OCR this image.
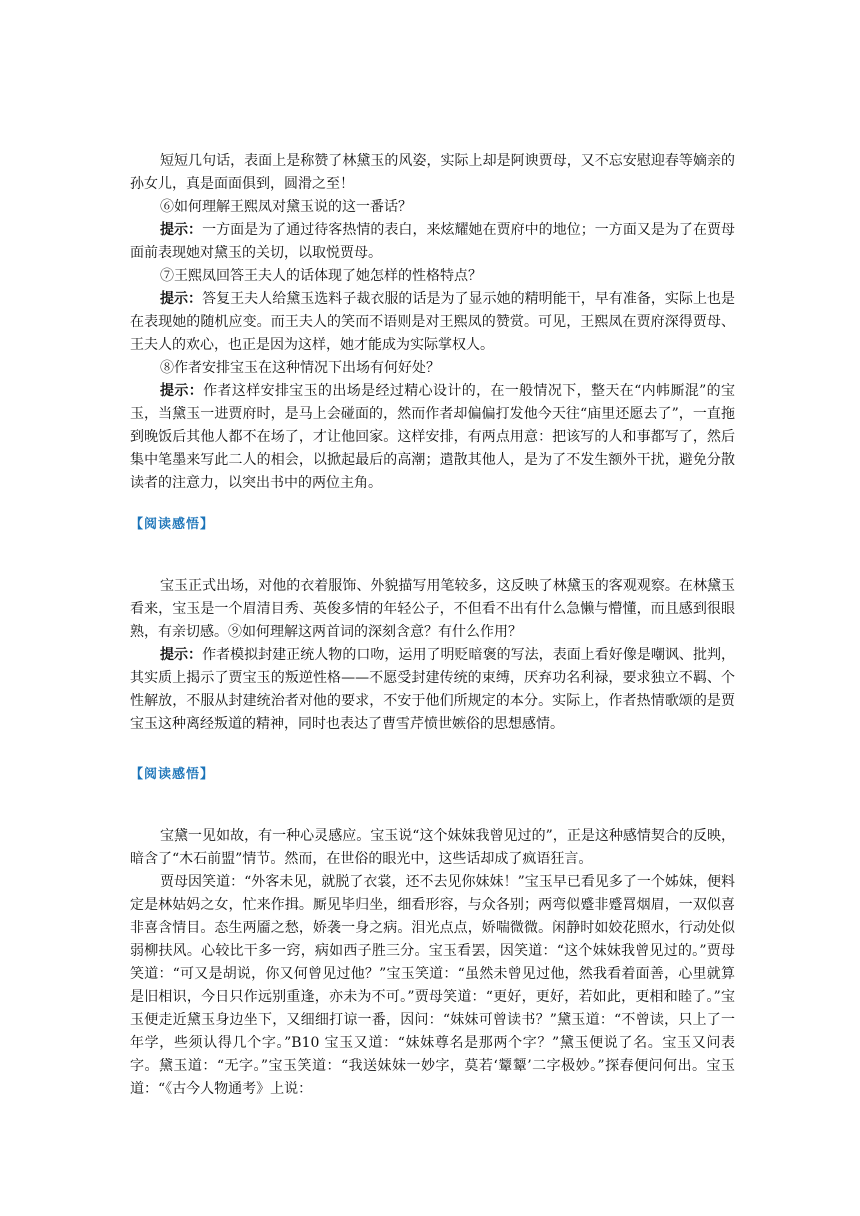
短短几句话，表面上是称赞了林黛玉的风姿，实际上却是阿谀贾母，又不忘安慰迎春等嫡亲的孙女儿，真是面面俱到，圆滑之至！

⑥如何理解王熙凤对黛玉说的这一番话？

提示：一方面是为了通过待客热情的表白，来炫耀她在贾府中的地位；一方面又是为了在贾母面前表现她对黛玉的关切，以取悦贾母。

⑦王熙凤回答王夫人的话体现了她怎样的性格特点？

提示：答复王夫人给黛玉选料子裁衣服的话是为了显示她的精明能干，早有准备，实际上也是在表现她的随机应变。而王夫人的笑而不语则是对王熙凤的赞赏。可见，王熙凤在贾府深得贾母、王夫人的欢心，也正是因为这样，她才能成为实际掌权人。

⑧作者安排宝玉在这种情况下出场有何好处？

提示：作者这样安排宝玉的出场是经过精心设计的，在一般情况下，整天在“内帏厮混”的宝玉，当黛玉一进贾府时，是马上会碰面的，然而作者却偏偏打发他今天往“庙里还愿去了”，一直拖到晚饭后其他人都不在场了，才让他回家。这样安排，有两点用意：把该写的人和事都写了，然后集中笔墨来写此二人的相会，以掀起最后的高潮；遣散其他人，是为了不发生额外干扰，避免分散读者的注意力，以突出书中的两位主角。

【阅读感悟】

宝玉正式出场，对他的衣着服饰、外貌描写用笔较多，这反映了林黛玉的客观观察。在林黛玉看来，宝玉是一个眉清目秀、英俊多情的年轻公子，不但看不出有什么急懒与懵懂，而且感到很眼熟，有亲切感。⑨如何理解这两首词的深刻含意？有什么作用？

提示：作者模拟封建正统人物的口吻，运用了明贬暗褒的写法，表面上看好像是嘲讽、批判，其实质上揭示了贾宝玉的叛逆性格——不愿受封建传统的束缚，厌弃功名利禄，要求独立不羁、个性解放，不服从封建统治者对他的要求，不安于他们所规定的本分。实际上，作者热情歌颂的是贾宝玉这种离经叛道的精神，同时也表达了曹雪芹愤世嫉俗的思想感情。

【阅读感悟】

宝黛一见如故，有一种心灵感应。宝玉说“这个妹妹我曾见过的”，正是这种感情契合的反映，暗含了“木石前盟”情节。然而，在世俗的眼光中，这些话却成了疯语狂言。

贾母因笑道：“外客未见，就脱了衣裳，还不去见你妹妹！”宝玉早已看见多了一个姊妹，便料定是林姑妈之女，忙来作揖。厮见毕归坐，细看形容，与众各别；两弯似蹙非蹙罥烟眉，一双似喜非喜含情目。态生两靥之愁，娇袭一身之病。泪光点点，娇喘微微。闲静时如姣花照水，行动处似弱柳扶风。心较比干多一窍，病如西子胜三分。宝玉看罢，因笑道：“这个妹妹我曾见过的。”贾母笑道：“可又是胡说，你又何曾见过他？”宝玉笑道：“虽然未曾见过他，然我看着面善，心里就算是旧相识，今日只作远别重逢，亦未为不可。”贾母笑道：“更好，更好，若如此，更相和睦了。”宝玉便走近黛玉身边坐下，又细细打谅一番，因问：“妹妹可曾读书？”黛玉道：“不曾读，只上了一年学，些须认得几个字。”B10 宝玉又道：“妹妹尊名是那两个字？”黛玉便说了名。宝玉又问表字。黛玉道：“无字。”宝玉笑道：“我送妹妹一妙字，莫若‘颦颦’二字极妙。”探春便问何出。宝玉道：“《古今人物通考》上说：
